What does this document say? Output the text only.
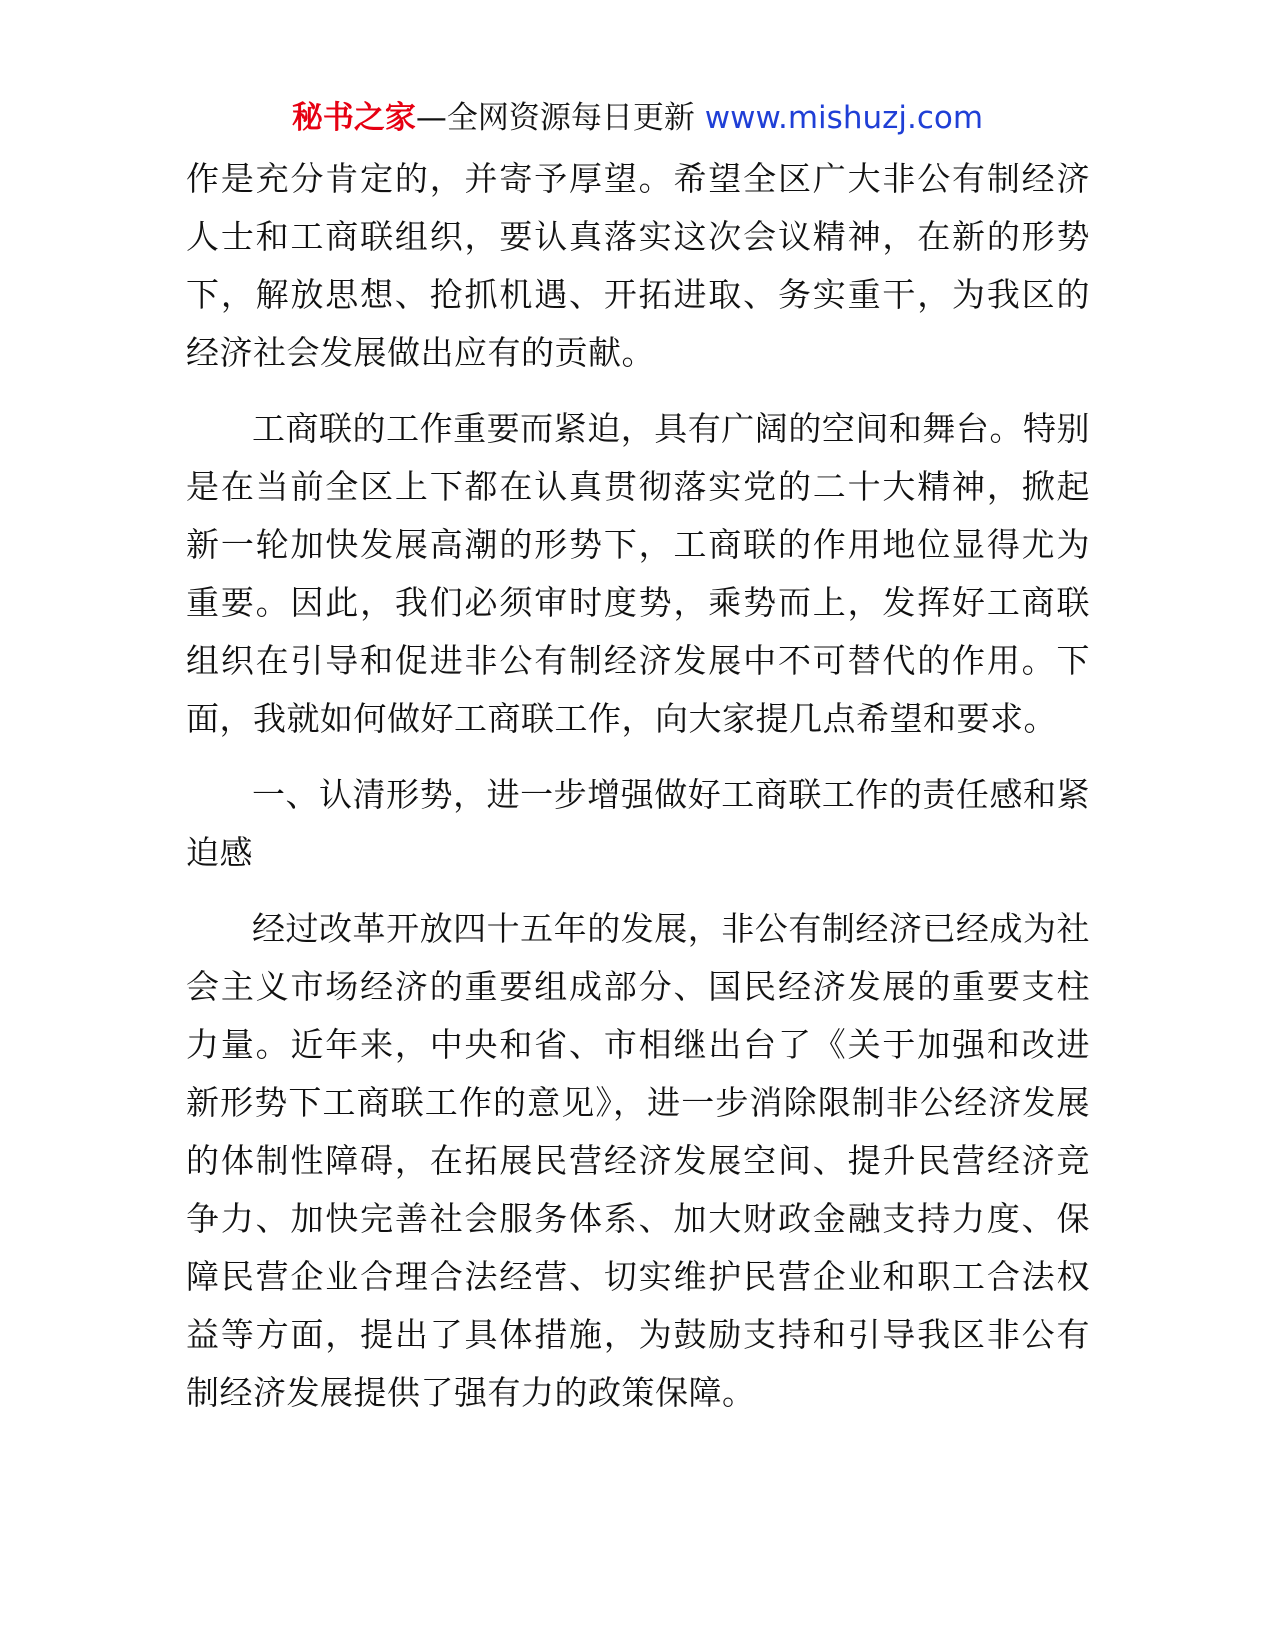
秘书之家—全网资源每日更新 www.mishuzj.com

作是充分肯定的，并寄予厚望。希望全区广大非公有制经济人士和工商联组织，要认真落实这次会议精神，在新的形势下，解放思想、抢抓机遇、开拓进取、务实重干，为我区的经济社会发展做出应有的贡献。

工商联的工作重要而紧迫，具有广阔的空间和舞台。特别是在当前全区上下都在认真贯彻落实党的二十大精神，掀起新一轮加快发展高潮的形势下，工商联的作用地位显得尤为重要。因此，我们必须审时度势，乘势而上，发挥好工商联组织在引导和促进非公有制经济发展中不可替代的作用。下面，我就如何做好工商联工作，向大家提几点希望和要求。

一、认清形势，进一步增强做好工商联工作的责任感和紧迫感

经过改革开放四十五年的发展，非公有制经济已经成为社会主义市场经济的重要组成部分、国民经济发展的重要支柱力量。近年来，中央和省、市相继出台了《关于加强和改进新形势下工商联工作的意见》，进一步消除限制非公经济发展的体制性障碍，在拓展民营经济发展空间、提升民营经济竞争力、加快完善社会服务体系、加大财政金融支持力度、保障民营企业合理合法经营、切实维护民营企业和职工合法权益等方面，提出了具体措施，为鼓励支持和引导我区非公有制经济发展提供了强有力的政策保障。
